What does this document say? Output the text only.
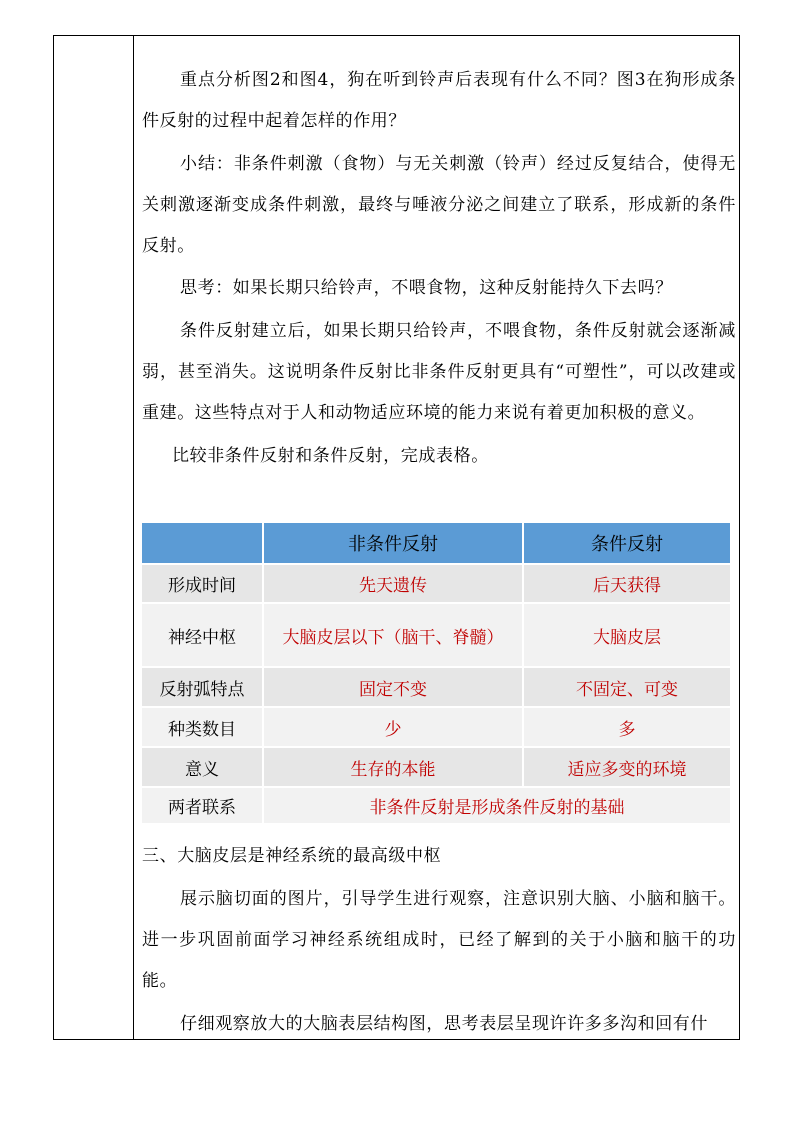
重点分析图2和图4，狗在听到铃声后表现有什么不同？图3在狗形成条件反射的过程中起着怎样的作用？

小结：非条件刺激（食物）与无关刺激（铃声）经过反复结合，使得无关刺激逐渐变成条件刺激，最终与唾液分泌之间建立了联系，形成新的条件反射。

思考：如果长期只给铃声，不喂食物，这种反射能持久下去吗？

条件反射建立后，如果长期只给铃声，不喂食物，条件反射就会逐渐减弱，甚至消失。这说明条件反射比非条件反射更具有“可塑性”，可以改建或重建。这些特点对于人和动物适应环境的能力来说有着更加积极的意义。

比较非条件反射和条件反射，完成表格。

	非条件反射	条件反射
形成时间	先天遗传	后天获得
神经中枢	大脑皮层以下（脑干、脊髓）	大脑皮层
反射弧特点	固定不变	不固定、可变
种类数目	少	多
意义	生存的本能	适应多变的环境
两者联系	非条件反射是形成条件反射的基础	

三、大脑皮层是神经系统的最高级中枢

展示脑切面的图片，引导学生进行观察，注意识别大脑、小脑和脑干。进一步巩固前面学习神经系统组成时，已经了解到的关于小脑和脑干的功能。

仔细观察放大的大脑表层结构图，思考表层呈现许许多多沟和回有什
